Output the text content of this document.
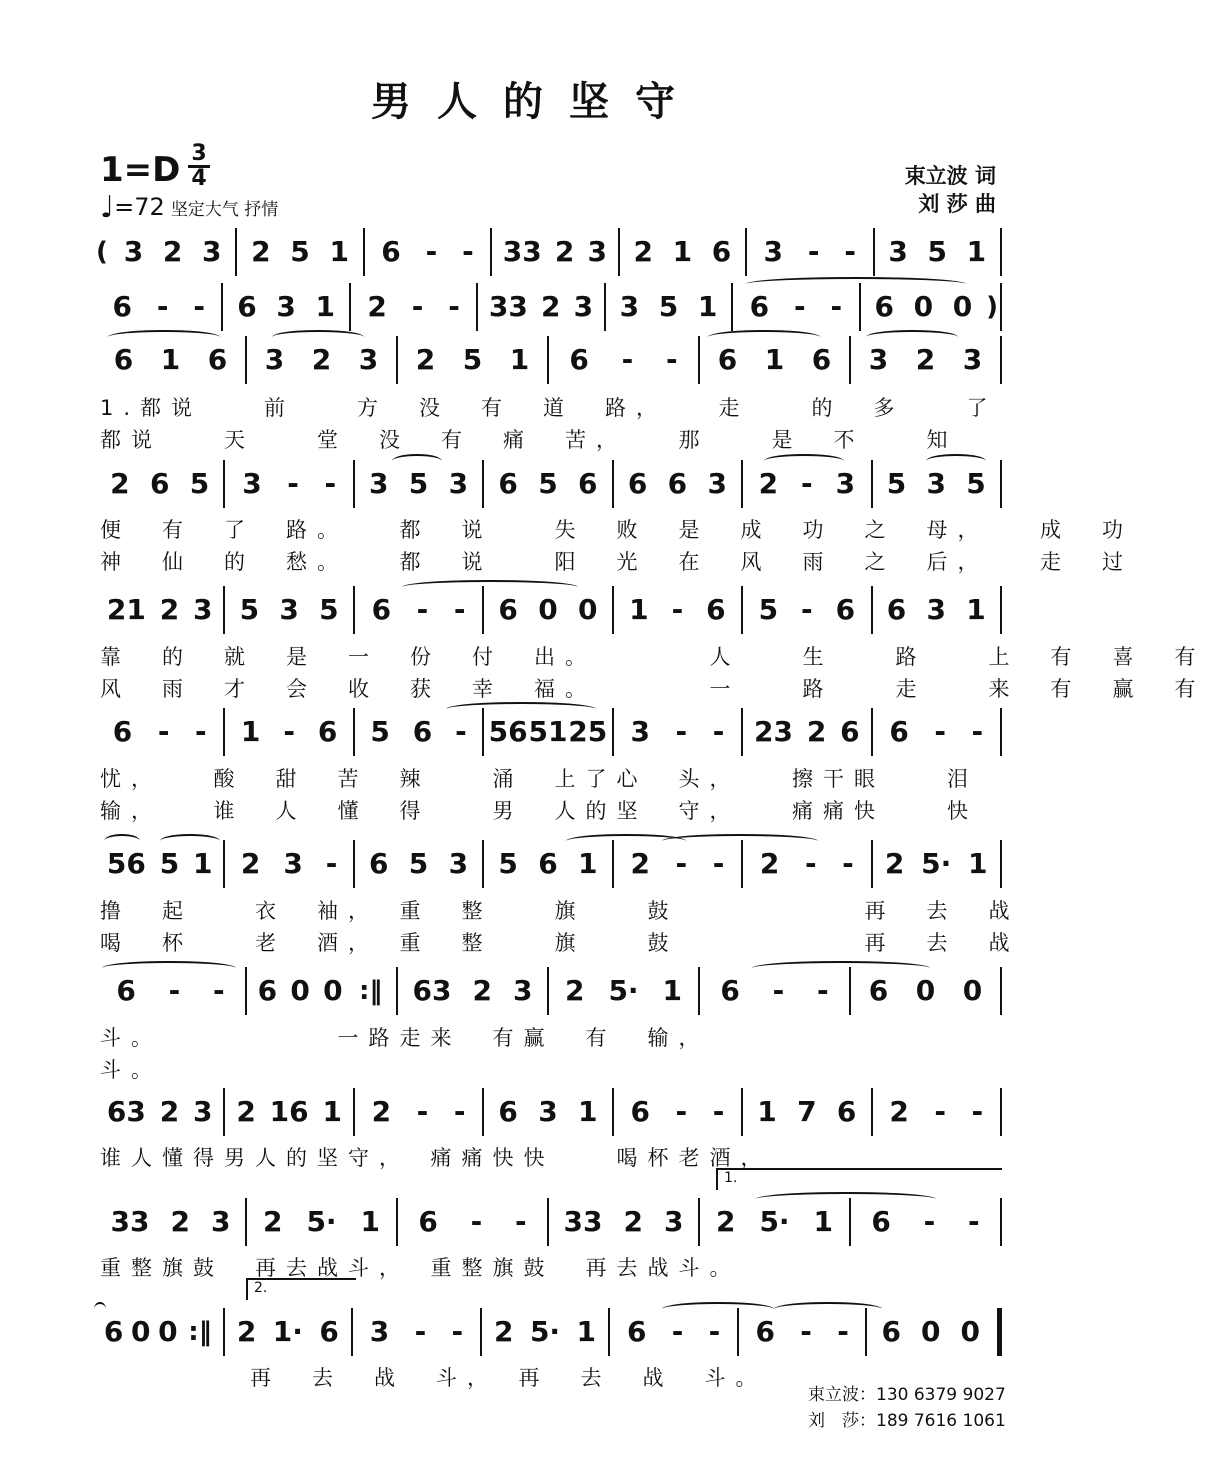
男人的坚守
1=D 3
4
♩=72 坚定大气 抒情
束立波 词
刘 莎 曲
( 3 2 3 2 5 1 6 - - 33 2 3 2 1 6 3 - - 3 5 1
6 - - 6 3 1 2 - - 33 2 3 3 5 1 6 - - 6 0 0 )
6 1 6 3 2 3 2 5 1 6 - - 6 1 6 3 2 3
2 6 5 3 - - 3 5 3 6 5 6 6 6 3 2 - 3 5 3 5
21 2 3 5 3 5 6 - - 6 0 0 1 - 6 5 - 6 6 3 1
6 - - 1 - 6 5 6 - 56 51 25 3 - - 23 2 6 6 - -
56 5 1 2 3 - 6 5 3 5 6 1 2 - - 2 - - 2 5· 1
6 - - 6 0 0 :‖ 63 2 3 2 5· 1 6 - - 6 0 0
63 2 3 2 16 1 2 - - 6 3 1 6 - - 1 7 6 2 - -
33 2 3 2 5· 1 6 - - 33 2 3 2 5· 1 6 - -
1.
6 0 0 :‖ 2 1· 6 3 - - 2 5· 1 6 - - 6 - - 6 0 0
2.
1.都说　　前　　方　没　有　道　路，　　走　　的　多　　了
都说　　天　　堂　没　有　痛　苦，　　那　　是　不　　知
便　有　了　路。　　都　说　　失　败　是　成　功　之　母，　　成　功
神　仙　的　愁。　　都　说　　阳　光　在　风　雨　之　后，　　走　过
靠　的　就　是　一　份　付　出。　　　　人　　生　　路　　上　有　喜　有
风　雨　才　会　收　获　幸　福。　　　　一　　路　　走　　来　有　赢　有
忧，　　酸　甜　苦　辣　　涌　上了心　头，　　擦干眼　　泪
输，　　谁　人　懂　得　　男　人的坚　守，　　痛痛快　　快
撸　起　　衣　袖，　重　整　　旗　　鼓　　　　　　再　去　战
喝　杯　　老　酒，　重　整　　旗　　鼓　　　　　　再　去　战
斗。　　　　　　一路走来　有赢　有　输，
斗。
谁人懂得男人的坚守，　痛痛快快　　喝杯老酒，
重整旗鼓　再去战斗，　重整旗鼓　再去战斗。
再　去　战　斗，　再　去　战　斗。
束立波：130 6379 9027
刘　莎：189 7616 1061
